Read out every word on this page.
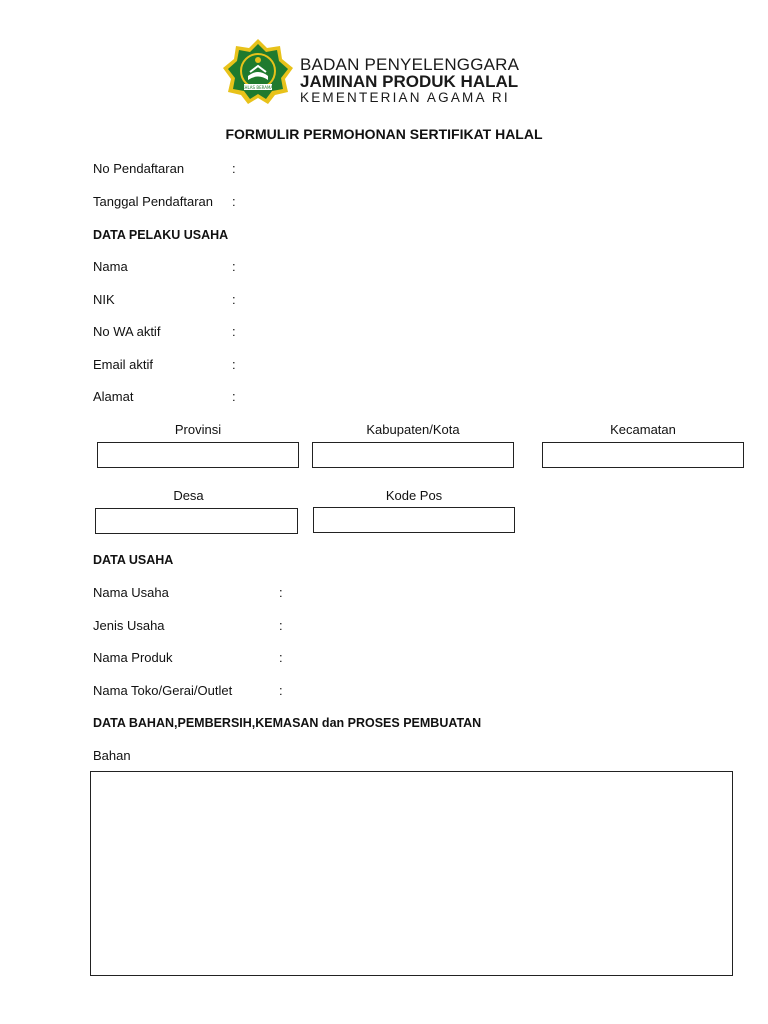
IKHLAS BERAMAL
BADAN PENYELENGGARA
JAMINAN PRODUK HALAL
KEMENTERIAN AGAMA RI
FORMULIR PERMOHONAN SERTIFIKAT HALAL
No Pendaftaran	:
Tanggal Pendaftaran :
DATA PELAKU USAHA
Nama	:
NIK	:
No WA aktif	:
Email aktif	:
Alamat	:
Provinsi	Kabupaten/Kota	Kecamatan
Desa	Kode Pos
DATA USAHA
Nama Usaha	:
Jenis Usaha	:
Nama Produk	:
Nama Toko/Gerai/Outlet	:
DATA BAHAN,PEMBERSIH,KEMASAN dan PROSES PEMBUATAN
Bahan
